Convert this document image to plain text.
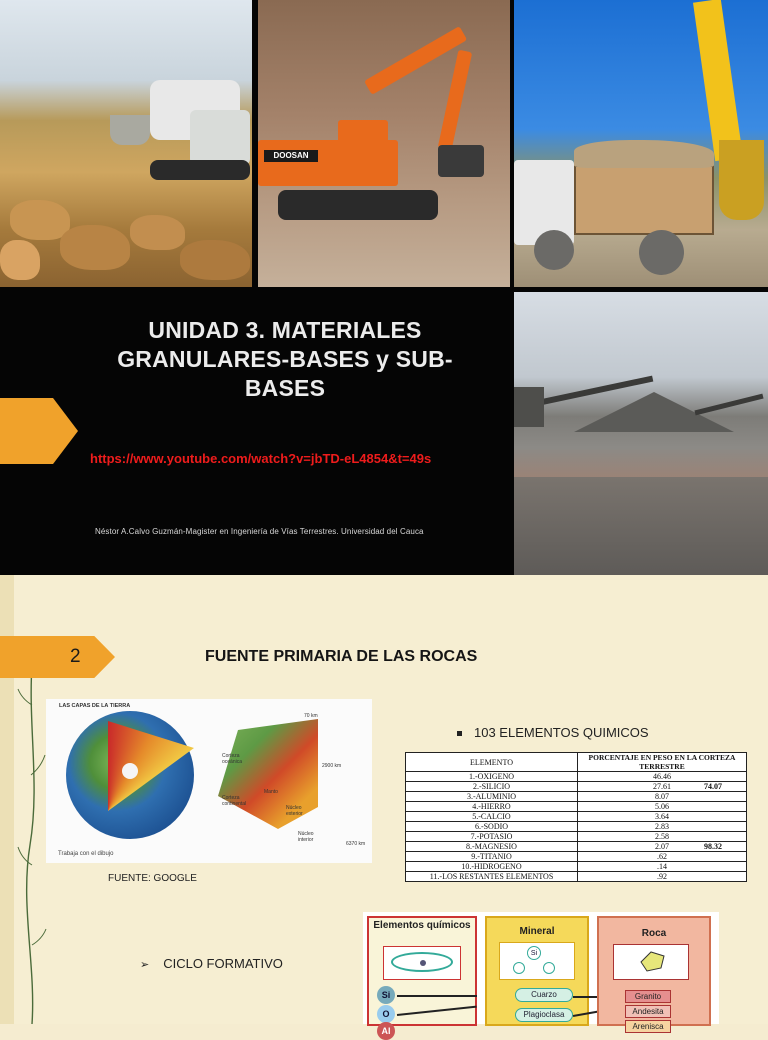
DOOSAN
UNIDAD 3. MATERIALES GRANULARES-BASES y SUB-BASES
https://www.youtube.com/watch?v=jbTD-eL4854&t=49s
Néstor A.Calvo Guzmán-Magister en Ingeniería de Vías Terrestres. Universidad del Cauca
2	FUENTE PRIMARIA DE LAS ROCAS
LAS CAPAS DE LA TIERRA
Corteza oceánica
Corteza continental
Manto
Núcleo exterior
Núcleo interior
70 km
2900 km
6370 km
Trabaja con el dibujo
FUENTE: GOOGLE
103 ELEMENTOS QUIMICOS
ELEMENTO	PORCENTAJE EN PESO EN LA CORTEZA TERRESTRE
1.-OXIGENO	46.46

2.-SILICIO	27.61 74.07

3.-ALUMINIO	8.07

4.-HIERRO	5.06

5.-CALCIO	3.64

6.-SODIO	2.83

7.-POTASIO	2.58

8.-MAGNESIO	2.07 98.32

9.-TITANIO	.62

10.-HIDROGENO	.14

11.-LOS RESTANTES ELEMENTOS	.92
➢ CICLO FORMATIVO
Elementos químicos
Si
O
Al
Mineral
Si
Cuarzo
Plagioclasa
Roca
Granito
Andesita
Arenisca
